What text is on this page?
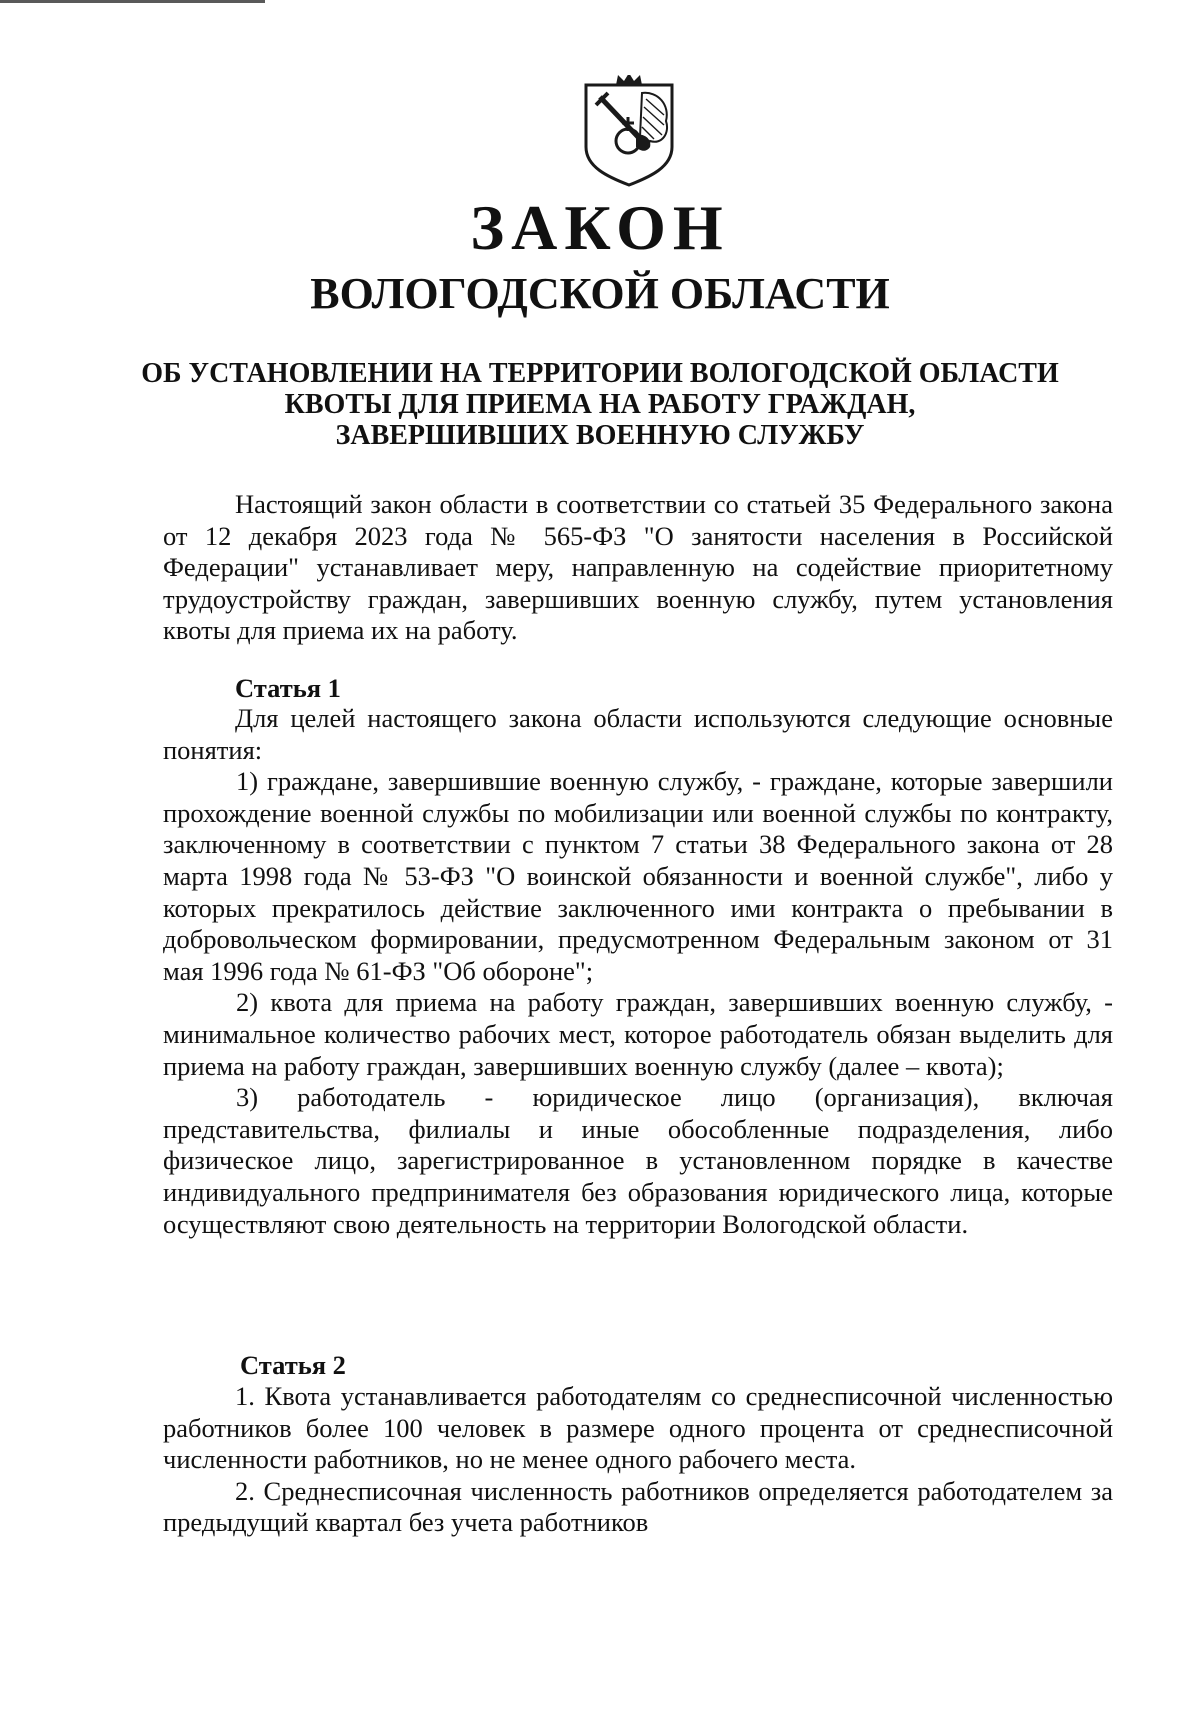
ЗАКОН
ВОЛОГОДСКОЙ ОБЛАСТИ
ОБ УСТАНОВЛЕНИИ НА ТЕРРИТОРИИ ВОЛОГОДСКОЙ ОБЛАСТИ
КВОТЫ ДЛЯ ПРИЕМА НА РАБОТУ ГРАЖДАН,
ЗАВЕРШИВШИХ ВОЕННУЮ СЛУЖБУ

Настоящий закон области в соответствии со статьей 35 Федерального закона от 12 декабря 2023 года № 565-ФЗ "О занятости населения в Российской Федерации" устанавливает меру, направленную на содействие приоритетному трудоустройству граждан, завершивших военную службу, путем установления квоты для приема их на работу.

Статья 1

Для целей настоящего закона области используются следующие основные понятия:

1) граждане, завершившие военную службу, - граждане, которые завершили прохождение военной службы по мобилизации или военной службы по контракту, заключенному в соответствии с пунктом 7 статьи 38 Федерального закона от 28 марта 1998 года № 53-ФЗ "О воинской обязанности и военной службе", либо у которых прекратилось действие заключенного ими контракта о пребывании в добровольческом формировании, предусмотренном Федеральным законом от 31 мая 1996 года № 61-ФЗ "Об обороне";

2) квота для приема на работу граждан, завершивших военную службу, - минимальное количество рабочих мест, которое работодатель обязан выделить для приема на работу граждан, завершивших военную службу (далее – квота);

3) работодатель - юридическое лицо (организация), включая представительства, филиалы и иные обособленные подразделения, либо физическое лицо, зарегистрированное в установленном порядке в качестве индивидуального предпринимателя без образования юридического лица, которые осуществляют свою деятельность на территории Вологодской области.

Статья 2

1. Квота устанавливается работодателям со среднесписочной численностью работников более 100 человек в размере одного процента от среднесписочной численности работников, но не менее одного рабочего места.

2. Среднесписочная численность работников определяется работодателем за предыдущий квартал без учета работников
